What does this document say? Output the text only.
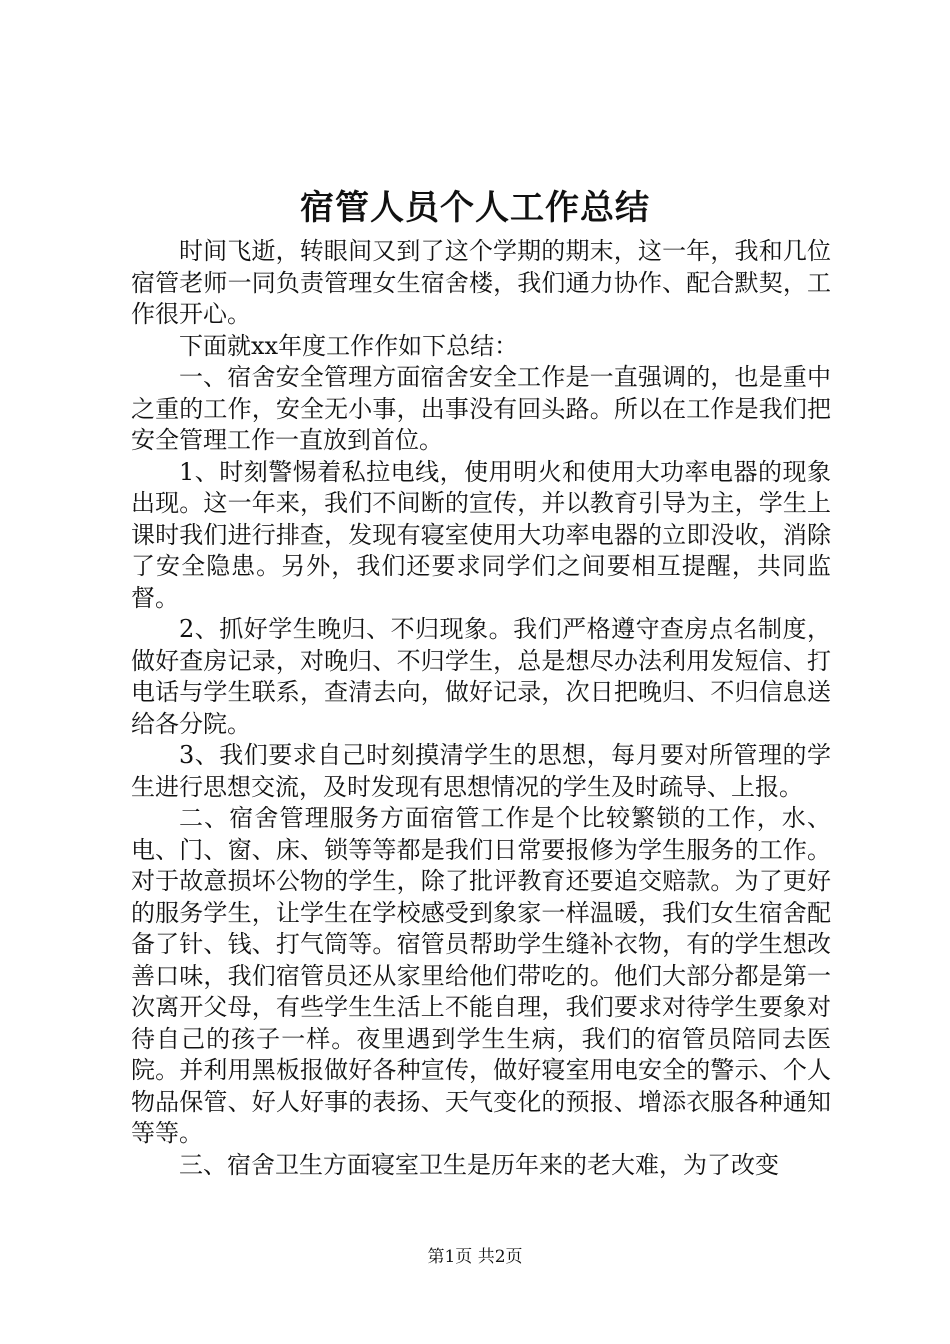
宿管人员个人工作总结

时间飞逝，转眼间又到了这个学期的期末，这一年，我和几位宿管老师一同负责管理女生宿舍楼，我们通力协作、配合默契，工作很开心。

下面就xx年度工作作如下总结：

一、宿舍安全管理方面宿舍安全工作是一直强调的，也是重中之重的工作，安全无小事，出事没有回头路。所以在工作是我们把安全管理工作一直放到首位。

1、时刻警惕着私拉电线，使用明火和使用大功率电器的现象出现。这一年来，我们不间断的宣传，并以教育引导为主，学生上课时我们进行排查，发现有寝室使用大功率电器的立即没收，消除了安全隐患。另外，我们还要求同学们之间要相互提醒，共同监督。

2、抓好学生晚归、不归现象。我们严格遵守查房点名制度，做好查房记录，对晚归、不归学生，总是想尽办法利用发短信、打电话与学生联系，查清去向，做好记录，次日把晚归、不归信息送给各分院。

3、我们要求自己时刻摸清学生的思想，每月要对所管理的学生进行思想交流，及时发现有思想情况的学生及时疏导、上报。

二、宿舍管理服务方面宿管工作是个比较繁锁的工作，水、电、门、窗、床、锁等等都是我们日常要报修为学生服务的工作。对于故意损坏公物的学生，除了批评教育还要追交赔款。为了更好的服务学生，让学生在学校感受到象家一样温暖，我们女生宿舍配备了针、钱、打气筒等。宿管员帮助学生缝补衣物，有的学生想改善口味，我们宿管员还从家里给他们带吃的。他们大部分都是第一次离开父母，有些学生生活上不能自理，我们要求对待学生要象对待自己的孩子一样。夜里遇到学生生病，我们的宿管员陪同去医院。并利用黑板报做好各种宣传，做好寝室用电安全的警示、个人物品保管、好人好事的表扬、天气变化的预报、增添衣服各种通知等等。

三、宿舍卫生方面寝室卫生是历年来的老大难，为了改变

第1页 共2页
